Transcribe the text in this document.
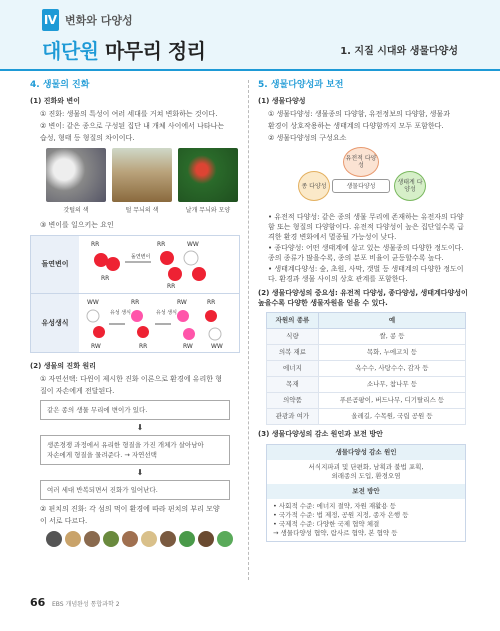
Ⅳ 변화와 다양성
대단원 마무리 정리	1. 지질 시대와 생물다양성
4. 생물의 진화
(1) 진화와 변이

① 진화: 생물의 특성이 여러 세대를 거쳐 변화하는 것이다.

② 변이: 같은 종으로 구성된 집단 내 개체 사이에서 나타나는

습성, 형태 등 형질의 차이이다.

갓털의 색	털 무늬의 색	날개 무늬와 모양

③ 변이를 일으키는 요인

돌연변이
RR
RR
돌연변이
RR	WW
RR
유성생식
WW
RW
유성 생식
RR
RR
유성 생식
RW	RR
RW	WW
(2) 생물의 진화 원리

① 자연선택: 다윈이 제시한 진화 이론으로 환경에 유리한 형

질이 자손에게 전달된다.

같은 종의 생물 무리에 변이가 있다.
⬇
생존경쟁 과정에서 유리한 형질을 가진 개체가 살아남아
자손에게 형질을 물려준다. → 자연선택
⬇
여러 세대 반복되면서 진화가 일어난다.

② 핀치의 진화: 각 섬의 먹이 환경에 따라 핀치의 부리 모양

이 서로 다르다.

5. 생물다양성과 보전
(1) 생물다양성

① 생물다양성: 생물종의 다양함, 유전정보의 다양함, 생물과

환경이 상호작용하는 생태계의 다양함까지 모두 포함한다.

② 생물다양성의 구성요소

유전적 다양성
종 다양성	생태계 다양성
생물다양성

• 유전적 다양성: 같은 종의 생물 무리에 존재하는 유전자의 다양함 또는 형질의 다양함이다. 유전적 다양성이 높은 집단일수록 급격한 환경 변화에서 멸종될 가능성이 낮다.

• 종다양성: 어떤 생태계에 살고 있는 생물종의 다양한 정도이다. 종의 종류가 많을수록, 종의 분포 비율이 균등할수록 높다.

• 생태계다양성: 숲, 초원, 사막, 갯벌 등 생태계의 다양한 정도이다. 환경과 생물 사이의 상호 관계를 포함한다.

(2) 생물다양성의 중요성: 유전적 다양성, 종다양성, 생태계다양성이 높을수록 다양한 생물자원을 얻을 수 있다.
자원의 종류	예
식량	쌀, 콩 등
의복 재료	목화, 누에고치 등
에너지	옥수수, 사탕수수, 감자 등
목재	소나무, 참나무 등
의약품	푸른곰팡이, 버드나무, 디기탈리스 등
관광과 여가	올레길, 수목원, 국립 공원 등
(3) 생물다양성의 감소 원인과 보전 방안
생물다양성 감소 원인
서식지파괴 및 단편화, 남획과 불법 포획,
외래종의 도입, 환경오염
보전 방안
• 사회적 수준: 에너지 절약, 자원 재활용 등
• 국가적 수준: 법 제정, 공원 지정, 종자 은행 등
• 국제적 수준: 다양한 국제 협약 체결
→ 생물다양성 협약, 람사르 협약, 본 협약 등
66 EBS 개념완성 통합과학 2
